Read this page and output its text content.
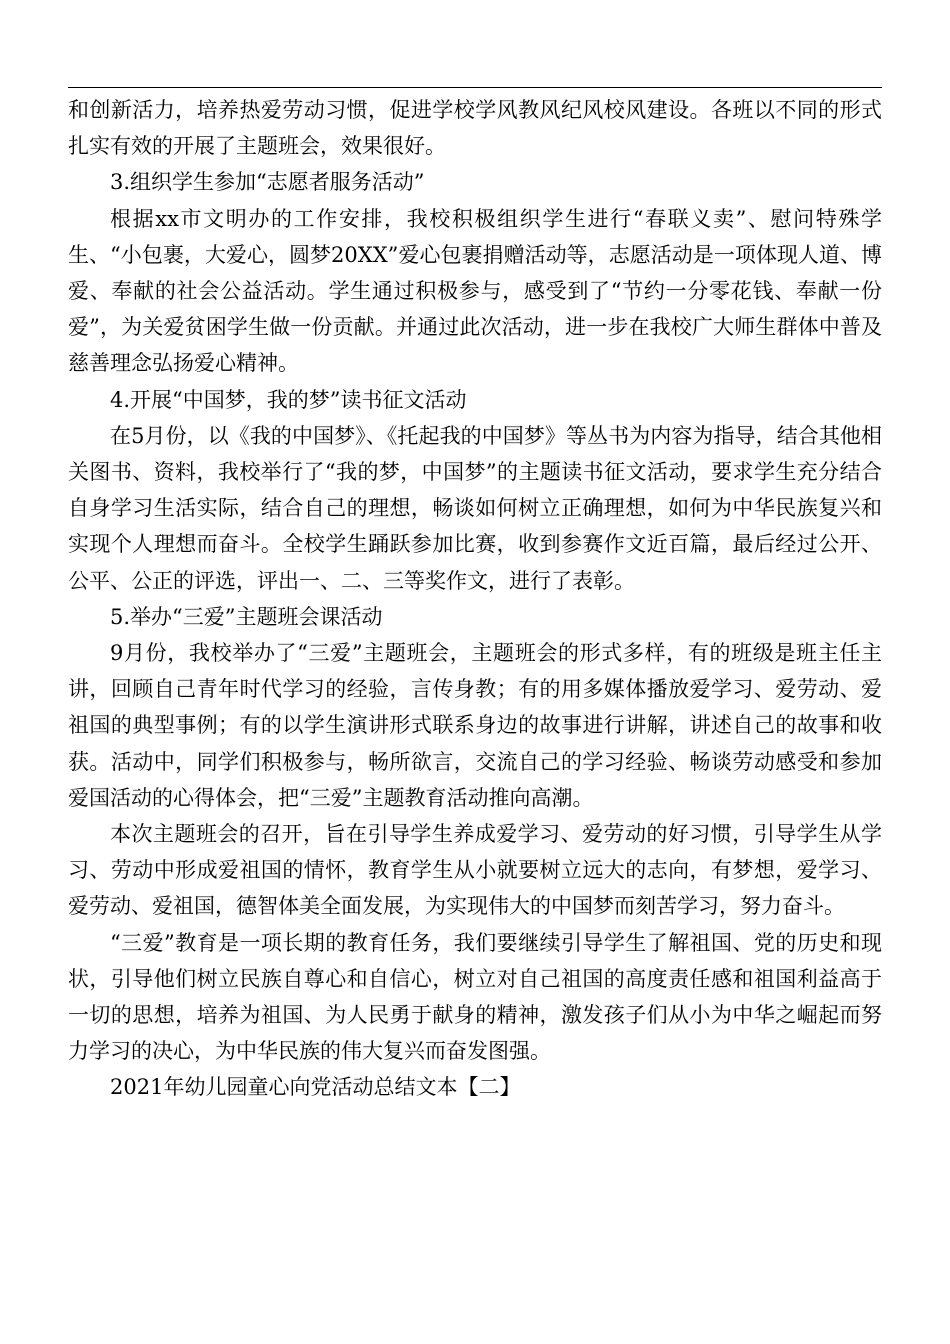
和创新活力，培养热爱劳动习惯，促进学校学风教风纪风校风建设。各班以不同的形式扎实有效的开展了主题班会，效果很好。

3.组织学生参加“志愿者服务活动”

根据xx市文明办的工作安排，我校积极组织学生进行“春联义卖”、慰问特殊学生、“小包裹，大爱心，圆梦20XX”爱心包裹捐赠活动等，志愿活动是一项体现人道、博爱、奉献的社会公益活动。学生通过积极参与，感受到了“节约一分零花钱、奉献一份爱”，为关爱贫困学生做一份贡献。并通过此次活动，进一步在我校广大师生群体中普及慈善理念弘扬爱心精神。

4.开展“中国梦，我的梦”读书征文活动

在5月份，以《我的中国梦》、《托起我的中国梦》等丛书为内容为指导，结合其他相关图书、资料，我校举行了“我的梦，中国梦”的主题读书征文活动，要求学生充分结合自身学习生活实际，结合自己的理想，畅谈如何树立正确理想，如何为中华民族复兴和实现个人理想而奋斗。全校学生踊跃参加比赛，收到参赛作文近百篇，最后经过公开、公平、公正的评选，评出一、二、三等奖作文，进行了表彰。

5.举办“三爱”主题班会课活动

9月份，我校举办了“三爱”主题班会，主题班会的形式多样，有的班级是班主任主讲，回顾自己青年时代学习的经验，言传身教；有的用多媒体播放爱学习、爱劳动、爱祖国的典型事例；有的以学生演讲形式联系身边的故事进行讲解，讲述自己的故事和收获。活动中，同学们积极参与，畅所欲言，交流自己的学习经验、畅谈劳动感受和参加爱国活动的心得体会，把“三爱”主题教育活动推向高潮。

本次主题班会的召开，旨在引导学生养成爱学习、爱劳动的好习惯，引导学生从学习、劳动中形成爱祖国的情怀，教育学生从小就要树立远大的志向，有梦想，爱学习、爱劳动、爱祖国，德智体美全面发展，为实现伟大的中国梦而刻苦学习，努力奋斗。

“三爱”教育是一项长期的教育任务，我们要继续引导学生了解祖国、党的历史和现状，引导他们树立民族自尊心和自信心，树立对自己祖国的高度责任感和祖国利益高于一切的思想，培养为祖国、为人民勇于献身的精神，激发孩子们从小为中华之崛起而努力学习的决心，为中华民族的伟大复兴而奋发图强。

2021年幼儿园童心向党活动总结文本【二】
